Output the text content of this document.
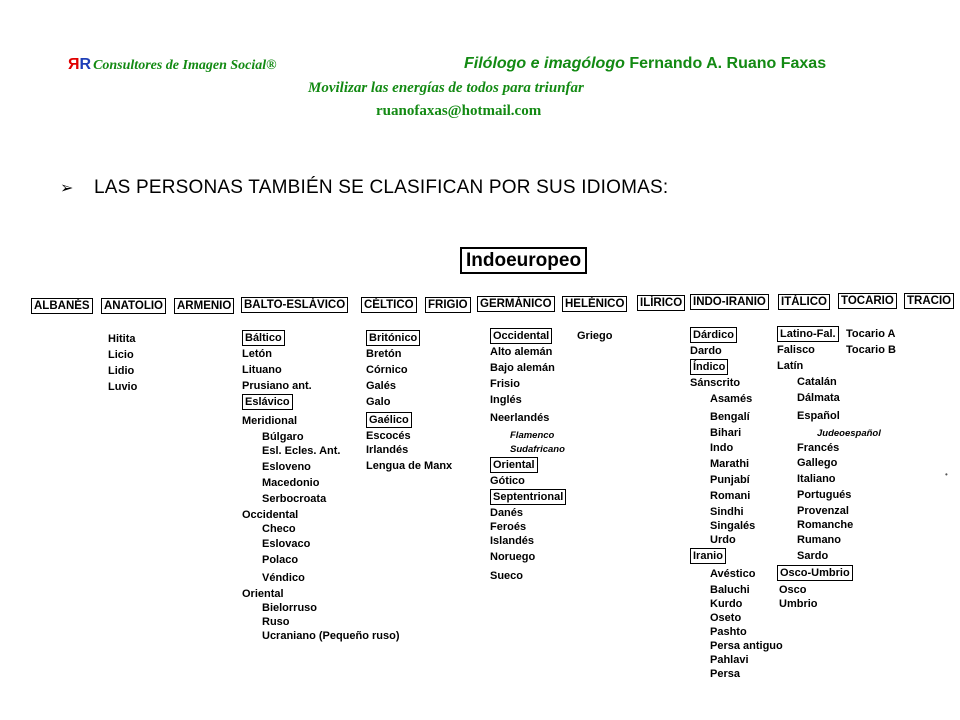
ЯR Consultores de Imagen Social®	Filólogo e imagólogo Fernando A. Ruano Faxas
Movilizar las energías de todos para triunfar
ruanofaxas@hotmail.com
➢ LAS PERSONAS TAMBIÉN SE CLASIFICAN POR SUS IDIOMAS:
Indoeuropeo
ALBANÉS ANATOLIO ARMENIO BALTO-ESLÁVICO CÉLTICO FRIGIO GERMÁNICO HELÉNICO ILÍRICO INDO-IRANIO ITÁLICO TOCARIO TRACIO
Hitita
Licio
Lidio
Luvio
Báltico
Letón
Lituano
Prusiano ant.
Eslávico
Meridional
Búlgaro
Esl. Ecles. Ant.
Esloveno
Macedonio
Serbocroata
Occidental
Checo
Eslovaco
Polaco
Véndico
Oriental
Bielorruso
Ruso
Ucraniano (Pequeño ruso)
Britónico
Bretón
Córnico
Galés
Galo
Gaélico
Escocés
Irlandés
Lengua de Manx
Occidental
Alto alemán
Bajo alemán
Frisio
Inglés
Neerlandés
Flamenco
Sudafricano
Oriental
Gótico
Septentrional
Danés
Feroés
Islandés
Noruego
Sueco
Griego	Dárdico
Dardo
Índico
Sánscrito
Asamés
Bengalí
Bihari
Indo
Marathi
Punjabí
Romani
Sindhi
Singalés
Urdo
Iranio
Avéstico
Baluchi
Kurdo
Oseto
Pashto
Persa antiguo
Pahlavi
Persa
Latino-Fal.
Falisco
Latín
Catalán
Dálmata
Español
Judeoespañol
Francés
Gallego
Italiano
Portugués
Provenzal
Romanche
Rumano
Sardo
Osco-Umbrio
Osco
Umbrio
Tocario A
Tocario B
•
